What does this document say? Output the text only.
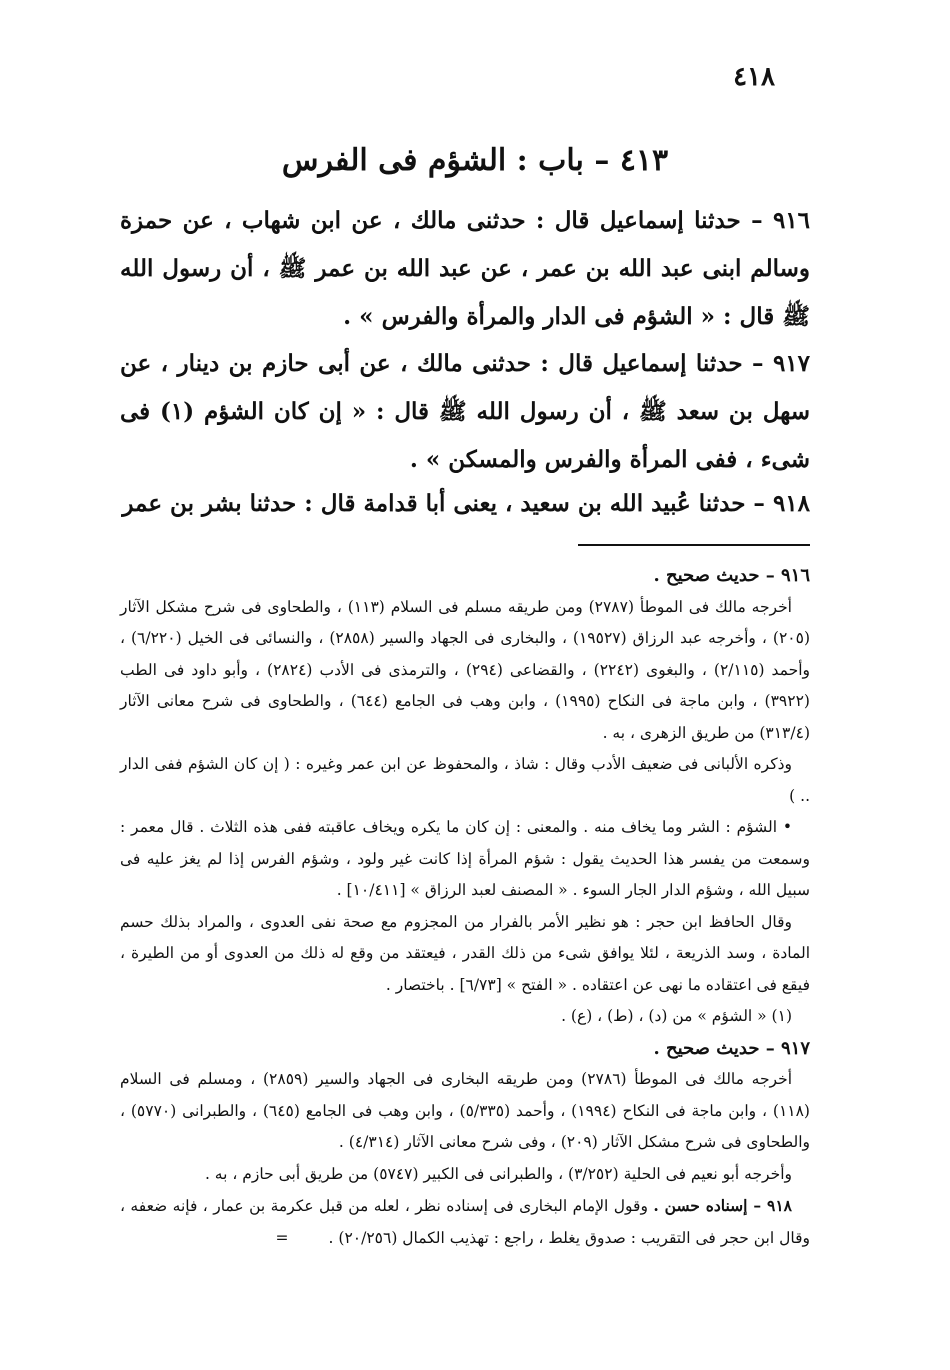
٤١٨
٤١٣ – باب : الشؤم فى الفرس
٩١٦ – حدثنا إسماعيل قال : حدثنى مالك ، عن ابن شهاب ، عن حمزة وسالم ابنى عبد الله بن عمر ، عن عبد الله بن عمر ﷺ ، أن رسول الله ﷺ قال : « الشؤم فى الدار والمرأة والفرس » .
٩١٧ – حدثنا إسماعيل قال : حدثنى مالك ، عن أبى حازم بن دينار ، عن سهل بن سعد ﷺ ، أن رسول الله ﷺ قال : « إن كان الشؤم (١) فى شىء ، ففى المرأة والفرس والمسكن » .
٩١٨ – حدثنا عُبيد الله بن سعيد ، يعنى أبا قدامة قال : حدثنا بشر بن عمر

٩١٦ – حديث صحيح .

أخرجه مالك فى الموطأ (٢٧٨٧) ومن طريقه مسلم فى السلام (١١٣) ، والطحاوى فى شرح مشكل الآثار (٢٠٥) ، وأخرجه عبد الرزاق (١٩٥٢٧) ، والبخارى فى الجهاد والسير (٢٨٥٨) ، والنسائى فى الخيل (٦/٢٢٠) ، وأحمد (٢/١١٥) ، والبغوى (٢٢٤٢) ، والقضاعى (٢٩٤) ، والترمذى فى الأدب (٢٨٢٤) ، وأبو داود فى الطب (٣٩٢٢) ، وابن ماجة فى النكاح (١٩٩٥) ، وابن وهب فى الجامع (٦٤٤) ، والطحاوى فى شرح معانى الآثار (٣١٣/٤) من طريق الزهرى ، به .

وذكره الألبانى فى ضعيف الأدب وقال : شاذ ، والمحفوظ عن ابن عمر وغيره : ( إن كان الشؤم ففى الدار .. )

• الشؤم : الشر وما يخاف منه . والمعنى : إن كان ما يكره ويخاف عاقبته ففى هذه الثلاث . قال معمر : وسمعت من يفسر هذا الحديث يقول : شؤم المرأة إذا كانت غير ولود ، وشؤم الفرس إذا لم يغز عليه فى سبيل الله ، وشؤم الدار الجار السوء . « المصنف لعبد الرزاق » [١٠/٤١١] .

وقال الحافظ ابن حجر : هو نظير الأمر بالفرار من المجزوم مع صحة نفى العدوى ، والمراد بذلك حسم المادة ، وسد الذريعة ، لئلا يوافق شىء من ذلك القدر ، فيعتقد من وقع له ذلك من العدوى أو من الطيرة ، فيقع فى اعتقاده ما نهى عن اعتقاده . « الفتح » [٦/٧٣] . باختصار .

(١) « الشؤم » من (د) ، (ط) ، (ع) .

٩١٧ – حديث صحيح .

أخرجه مالك فى الموطأ (٢٧٨٦) ومن طريقه البخارى فى الجهاد والسير (٢٨٥٩) ، ومسلم فى السلام (١١٨) ، وابن ماجة فى النكاح (١٩٩٤) ، وأحمد (٥/٣٣٥) ، وابن وهب فى الجامع (٦٤٥) ، والطبرانى (٥٧٧٠) ، والطحاوى فى شرح مشكل الآثار (٢٠٩) ، وفى شرح معانى الآثار (٤/٣١٤) .

وأخرجه أبو نعيم فى الحلية (٣/٢٥٢) ، والطبرانى فى الكبير (٥٧٤٧) من طريق أبى حازم ، به .

٩١٨ – إسناده حسن . وقول الإمام البخارى فى إسناده نظر ، لعله من قبل عكرمة بن عمار ، فإنه ضعفه ، وقال ابن حجر فى التقريب : صدوق يغلط ، راجع : تهذيب الكمال (٢٠/٢٥٦) .=
